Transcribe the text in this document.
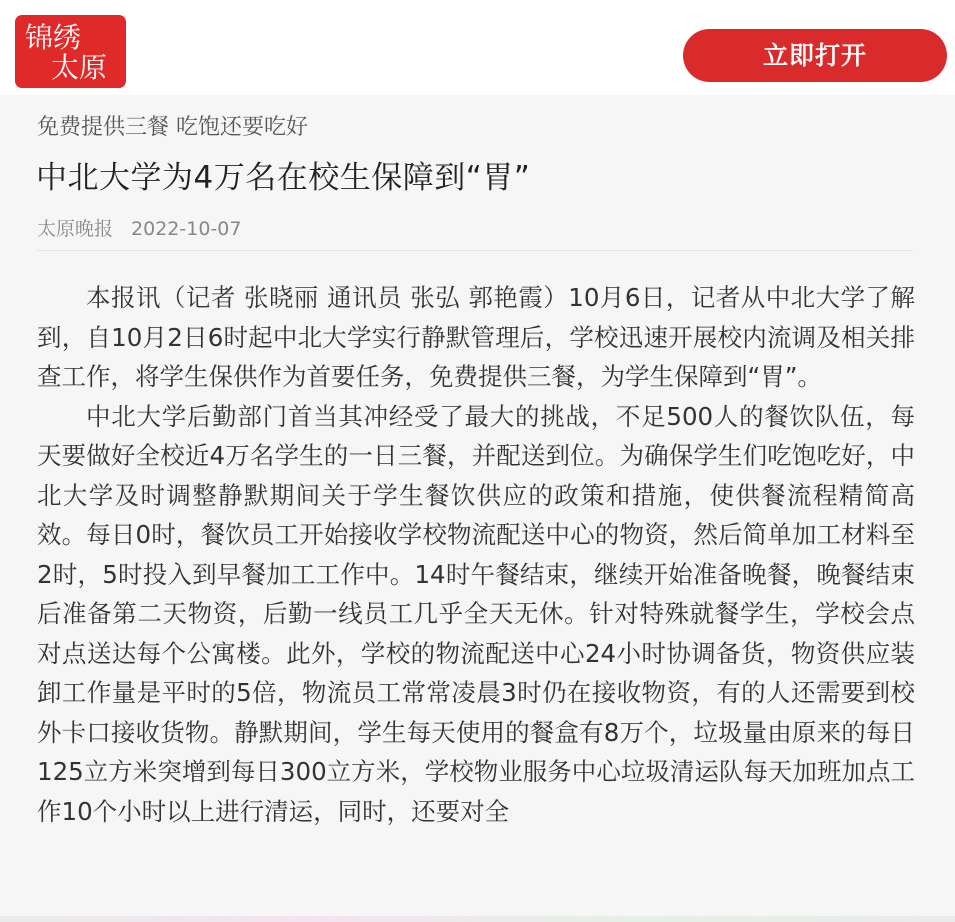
锦绣
太原	立即打开
免费提供三餐 吃饱还要吃好
中北大学为4万名在校生保障到“胃”
太原晚报 2022-10-07

本报讯（记者 张晓丽 通讯员 张弘 郭艳霞）10月6日，记者从中北大学了解到，自10月2日6时起中北大学实行静默管理后，学校迅速开展校内流调及相关排查工作，将学生保供作为首要任务，免费提供三餐，为学生保障到“胃”。

中北大学后勤部门首当其冲经受了最大的挑战，不足500人的餐饮队伍，每天要做好全校近4万名学生的一日三餐，并配送到位。为确保学生们吃饱吃好，中北大学及时调整静默期间关于学生餐饮供应的政策和措施，使供餐流程精简高效。每日0时，餐饮员工开始接收学校物流配送中心的物资，然后简单加工材料至2时，5时投入到早餐加工工作中。14时午餐结束，继续开始准备晚餐，晚餐结束后准备第二天物资，后勤一线员工几乎全天无休。针对特殊就餐学生，学校会点对点送达每个公寓楼。此外，学校的物流配送中心24小时协调备货，物资供应装卸工作量是平时的5倍，物流员工常常凌晨3时仍在接收物资，有的人还需要到校外卡口接收货物。静默期间，学生每天使用的餐盒有8万个，垃圾量由原来的每日125立方米突增到每日300立方米，学校物业服务中心垃圾清运队每天加班加点工作10个小时以上进行清运，同时，还要对全
